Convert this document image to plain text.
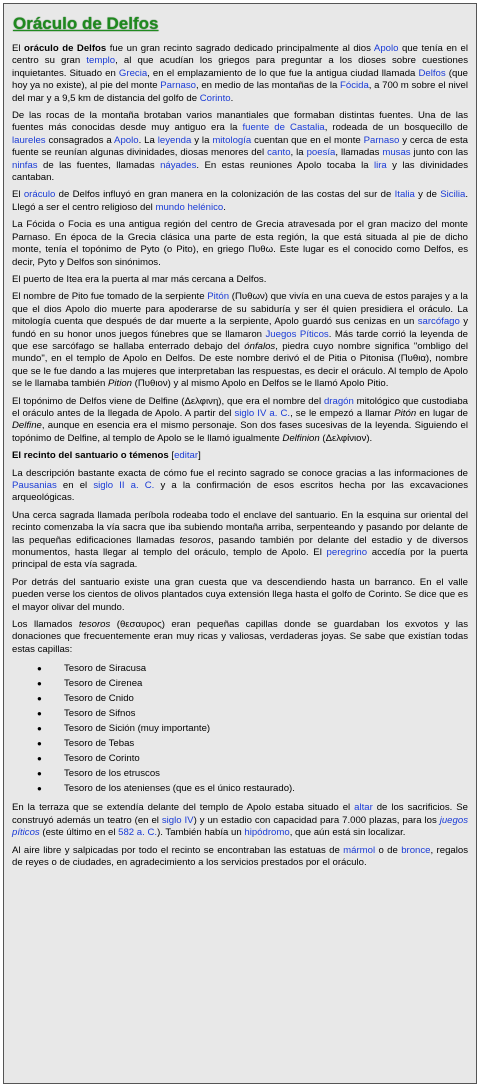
Oráculo de Delfos

El oráculo de Delfos fue un gran recinto sagrado dedicado principalmente al dios Apolo que tenía en el centro su gran templo, al que acudían los griegos para preguntar a los dioses sobre cuestiones inquietantes. Situado en Grecia, en el emplazamiento de lo que fue la antigua ciudad llamada Delfos (que hoy ya no existe), al pie del monte Parnaso, en medio de las montañas de la Fócida, a 700 m sobre el nivel del mar y a 9,5 km de distancia del golfo de Corinto.

De las rocas de la montaña brotaban varios manantiales que formaban distintas fuentes. Una de las fuentes más conocidas desde muy antiguo era la fuente de Castalia, rodeada de un bosquecillo de laureles consagrados a Apolo. La leyenda y la mitología cuentan que en el monte Parnaso y cerca de esta fuente se reunían algunas divinidades, diosas menores del canto, la poesía, llamadas musas junto con las ninfas de las fuentes, llamadas náyades. En estas reuniones Apolo tocaba la lira y las divinidades cantaban.

El oráculo de Delfos influyó en gran manera en la colonización de las costas del sur de Italia y de Sicilia. Llegó a ser el centro religioso del mundo helénico.

La Fócida o Focia es una antigua región del centro de Grecia atravesada por el gran macizo del monte Parnaso. En época de la Grecia clásica una parte de esta región, la que está situada al pie de dicho monte, tenía el topónimo de Pyto (o Pito), en griego Πυθω. Este lugar es el conocido como Delfos, es decir, Pyto y Delfos son sinónimos.

El puerto de Itea era la puerta al mar más cercana a Delfos.

El nombre de Pito fue tomado de la serpiente Pitón (Πυθων) que vivía en una cueva de estos parajes y a la que el dios Apolo dio muerte para apoderarse de su sabiduría y ser él quien presidiera el oráculo. La mitología cuenta que después de dar muerte a la serpiente, Apolo guardó sus cenizas en un sarcófago y fundó en su honor unos juegos fúnebres que se llamaron Juegos Píticos. Más tarde corrió la leyenda de que ese sarcófago se hallaba enterrado debajo del ónfalos, piedra cuyo nombre significa "ombligo del mundo", en el templo de Apolo en Delfos. De este nombre derivó el de Pitia o Pitonisa (Πυθια), nombre que se le fue dando a las mujeres que interpretaban las respuestas, es decir el oráculo. Al templo de Apolo se le llamaba también Pition (Πυθιον) y al mismo Apolo en Delfos se le llamó Apolo Pitio.

El topónimo de Delfos viene de Delfine (Δελφινη), que era el nombre del dragón mitológico que custodiaba el oráculo antes de la llegada de Apolo. A partir del siglo IV a. C., se le empezó a llamar Pitón en lugar de Delfine, aunque en esencia era el mismo personaje. Son dos fases sucesivas de la leyenda. Siguiendo el topónimo de Delfine, al templo de Apolo se le llamó igualmente Delfinion (Δελφίνιον).

El recinto del santuario o témenos [editar]

La descripción bastante exacta de cómo fue el recinto sagrado se conoce gracias a las informaciones de Pausanias en el siglo II a. C. y a la confirmación de esos escritos hecha por las excavaciones arqueológicas.

Una cerca sagrada llamada períbola rodeaba todo el enclave del santuario. En la esquina sur oriental del recinto comenzaba la vía sacra que iba subiendo montaña arriba, serpenteando y pasando por delante de las pequeñas edificaciones llamadas tesoros, pasando también por delante del estadio y de diversos monumentos, hasta llegar al templo del oráculo, templo de Apolo. El peregrino accedía por la puerta principal de esta vía sagrada.

Por detrás del santuario existe una gran cuesta que va descendiendo hasta un barranco. En el valle pueden verse los cientos de olivos plantados cuya extensión llega hasta el golfo de Corinto. Se dice que es el mayor olivar del mundo.

Los llamados tesoros (θεσαυρος) eran pequeñas capillas donde se guardaban los exvotos y las donaciones que frecuentemente eran muy ricas y valiosas, verdaderas joyas. Se sabe que existían todas estas capillas:

● Tesoro de Siracusa
● Tesoro de Cirenea
● Tesoro de Cnido
● Tesoro de Sifnos
● Tesoro de Sición (muy importante)
● Tesoro de Tebas
● Tesoro de Corinto
● Tesoro de los etruscos
● Tesoro de los atenienses (que es el único restaurado).

En la terraza que se extendía delante del templo de Apolo estaba situado el altar de los sacrificios. Se construyó además un teatro (en el siglo IV) y un estadio con capacidad para 7.000 plazas, para los juegos píticos (este último en el 582 a. C.). También había un hipódromo, que aún está sin localizar.

Al aire libre y salpicadas por todo el recinto se encontraban las estatuas de mármol o de bronce, regalos de reyes o de ciudades, en agradecimiento a los servicios prestados por el oráculo.
